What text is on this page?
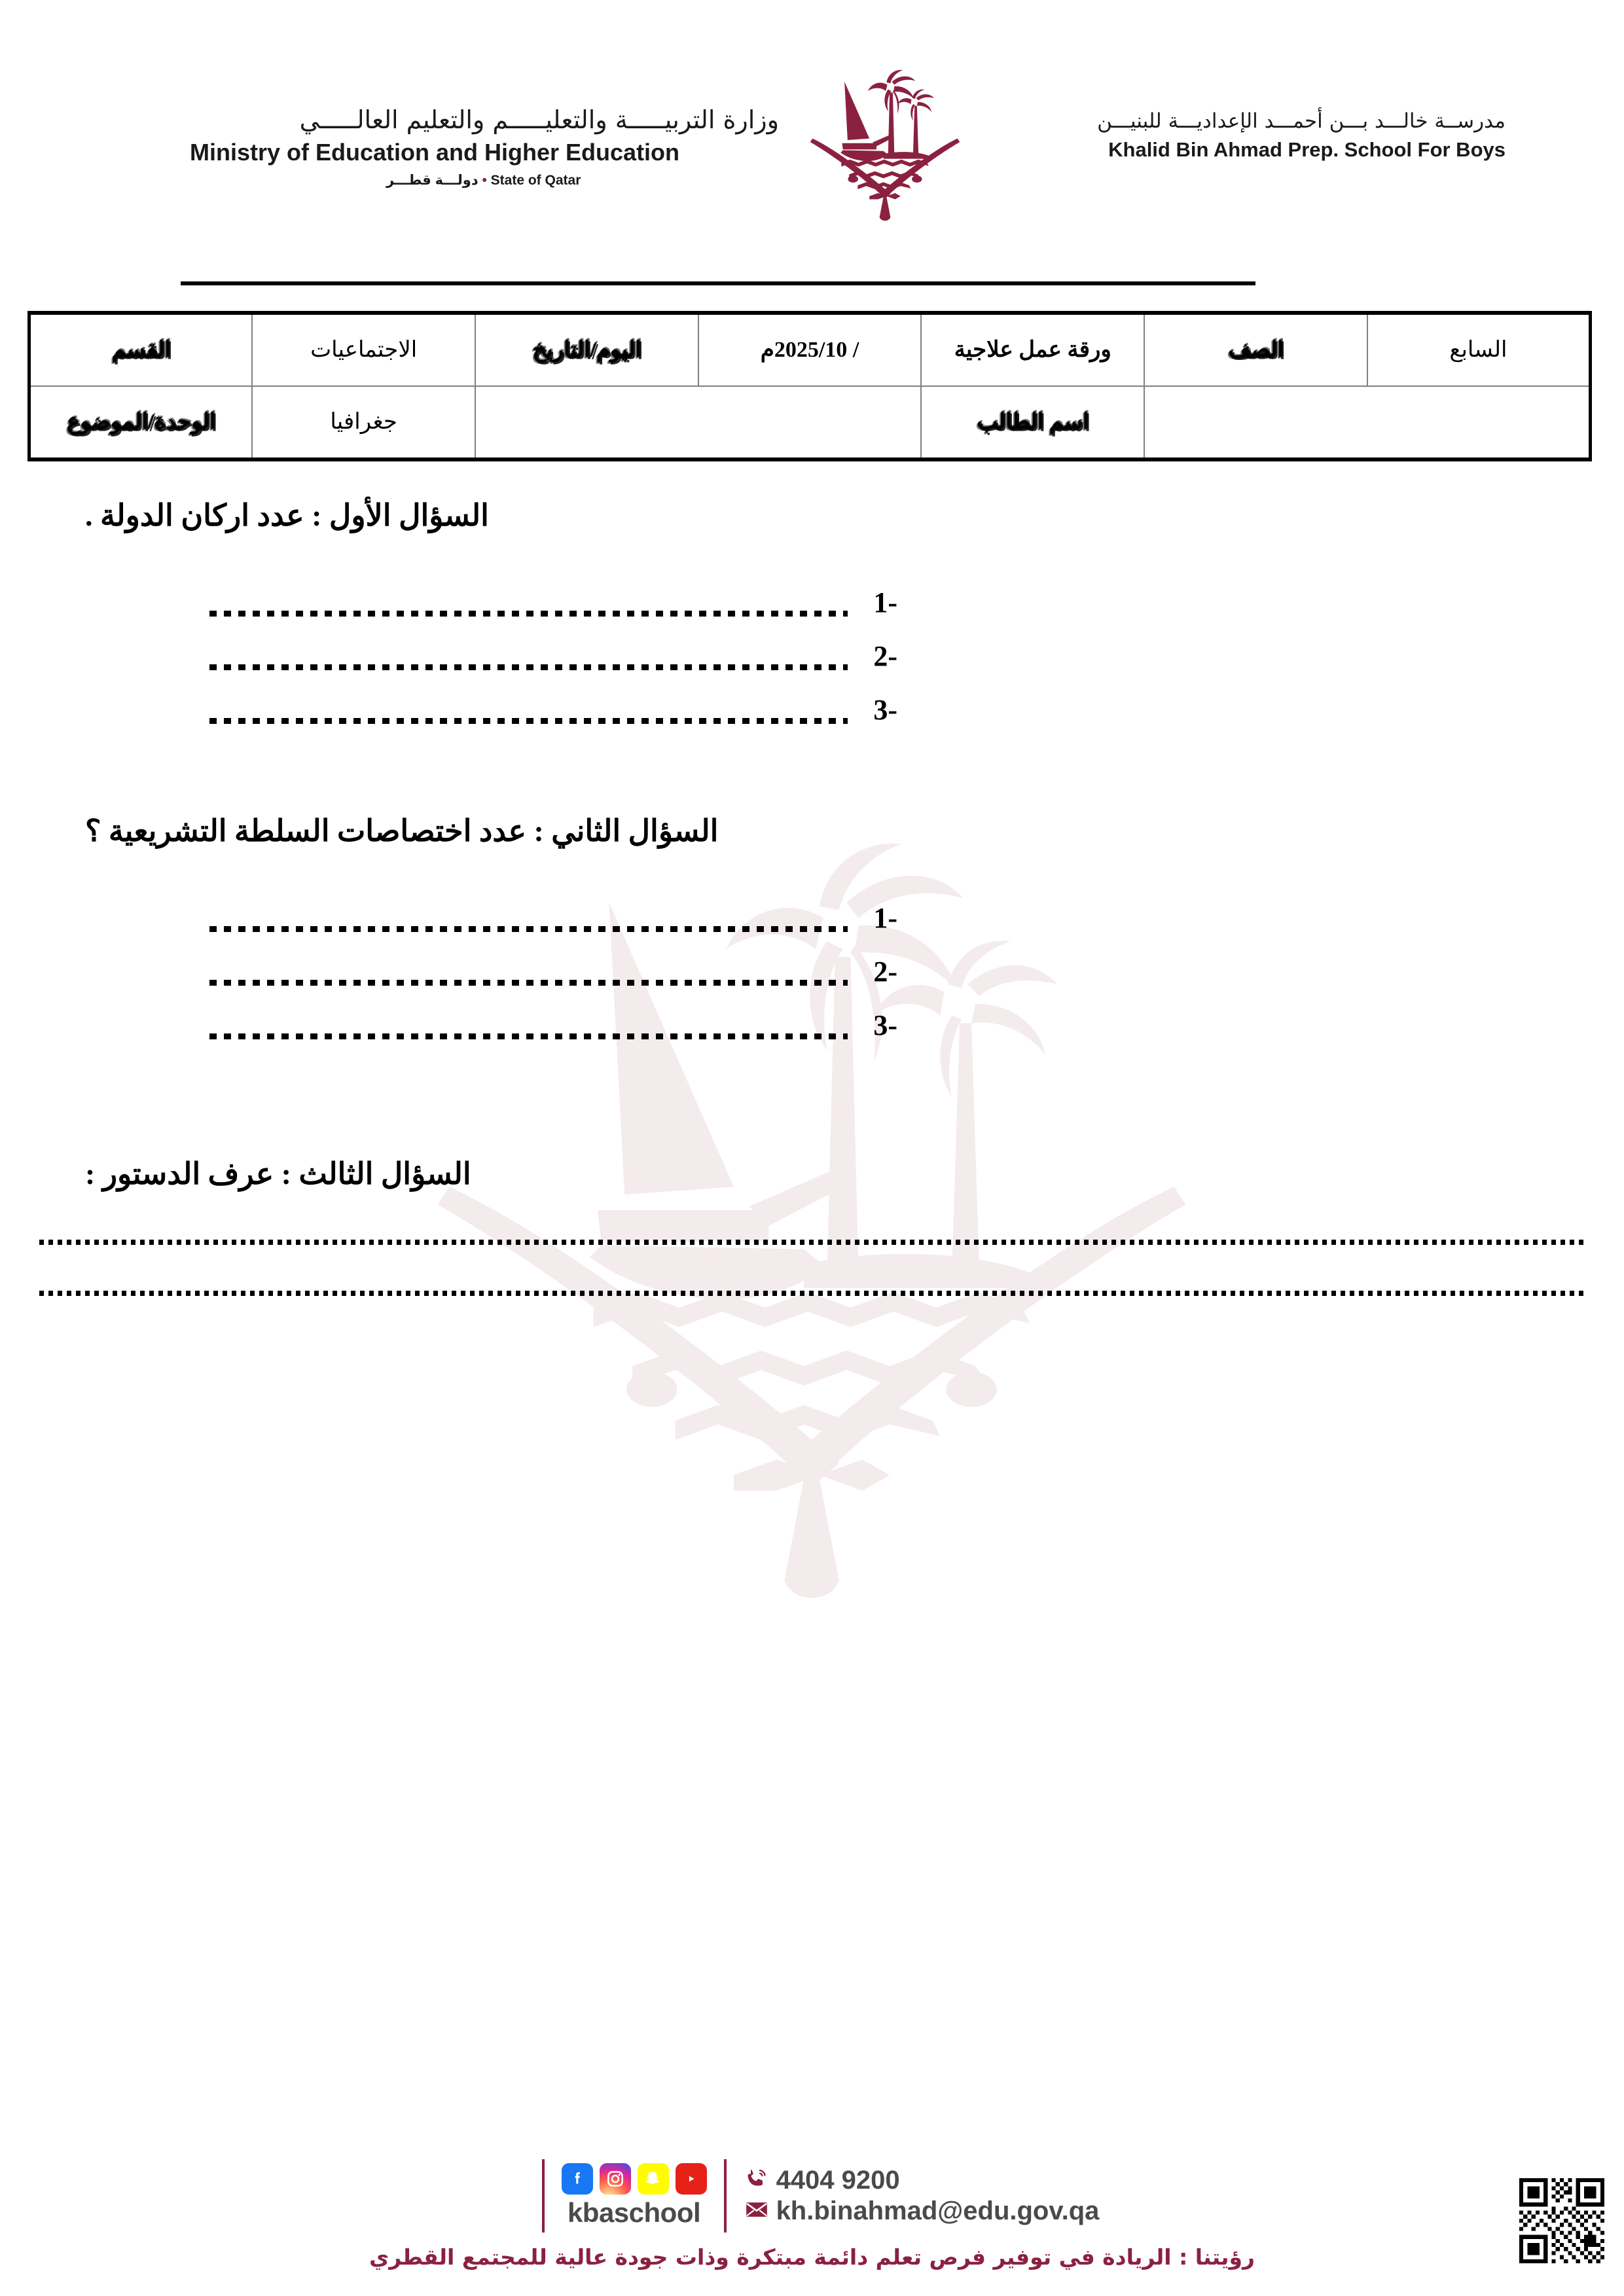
وزارة التربيـــــة والتعليـــــم والتعليم العالـــــي
Ministry of Education and Higher Education
State of Qatar • دولـــة قطـــر
مدرســة خالـــد بـــن أحمـــد الإعداديـــة للبنيـــن
Khalid Bin Ahmad Prep. School For Boys
السابع	الصف	ورقة عمل علاجية	/ 2025/10م	اليوم/التاريخ	الاجتماعيات	القسم
		اسم الطالب			جغرافيا	الوحدة/الموضوع
السؤال الأول : عدد اركان الدولة .
1-
2-
3-
السؤال الثاني : عدد اختصاصات السلطة التشريعية ؟
1-
2-
3-
السؤال الثالث : عرف الدستور :
kbaschool
4404 9200
kh.binahmad@edu.gov.qa
رؤيتنا : الريادة في توفير فرص تعلم دائمة مبتكرة وذات جودة عالية للمجتمع القطري
